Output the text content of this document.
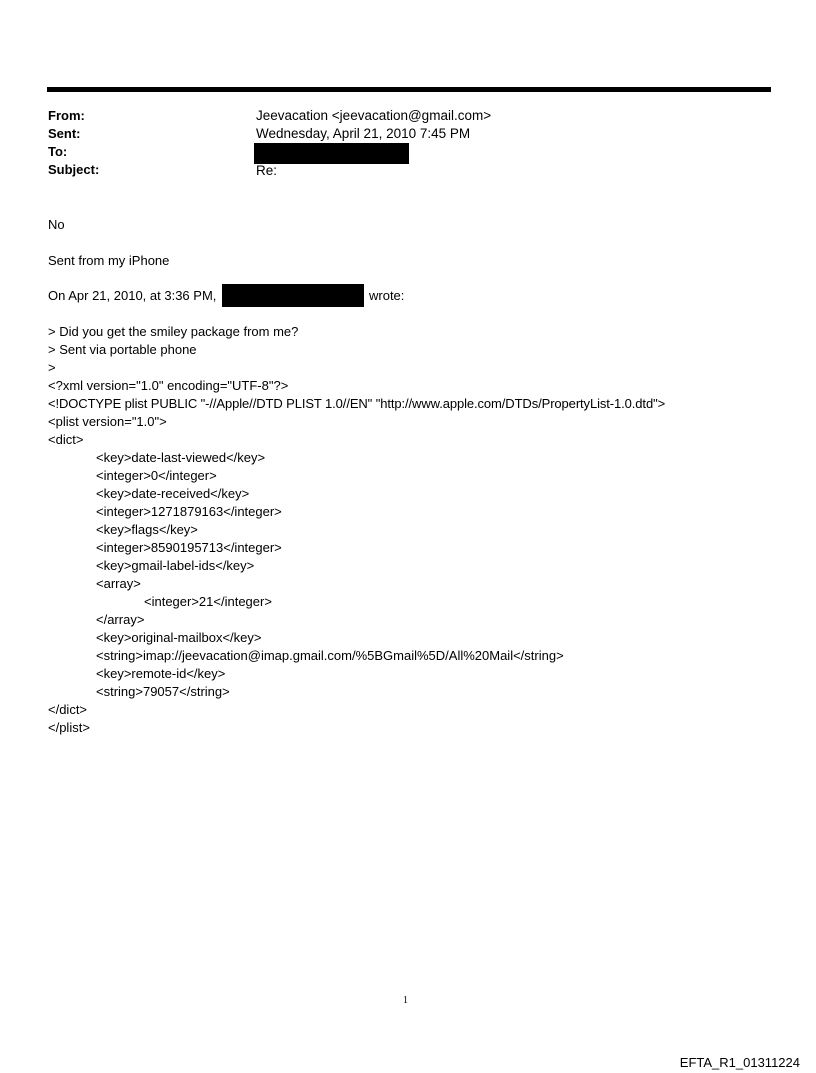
From:	Jeevacation <jeevacation@gmail.com>
Sent:	Wednesday, April 21, 2010 7:45 PM
To:
Subject:	Re:
No
Sent from my iPhone
On Apr 21, 2010, at 3:36 PM,	wrote:
> Did you get the smiley package from me?
> Sent via portable phone
>
<?xml version="1.0" encoding="UTF-8"?>
<!DOCTYPE plist PUBLIC "-//Apple//DTD PLIST 1.0//EN" "http://www.apple.com/DTDs/PropertyList-1.0.dtd">
<plist version="1.0">
<dict>
<key>date-last-viewed</key>
<integer>0</integer>
<key>date-received</key>
<integer>1271879163</integer>
<key>flags</key>
<integer>8590195713</integer>
<key>gmail-label-ids</key>
<array>
<integer>21</integer>
</array>
<key>original-mailbox</key>
<string>imap://jeevacation@imap.gmail.com/%5BGmail%5D/All%20Mail</string>
<key>remote-id</key>
<string>79057</string>
</dict>
</plist>
1
EFTA_R1_01311224
